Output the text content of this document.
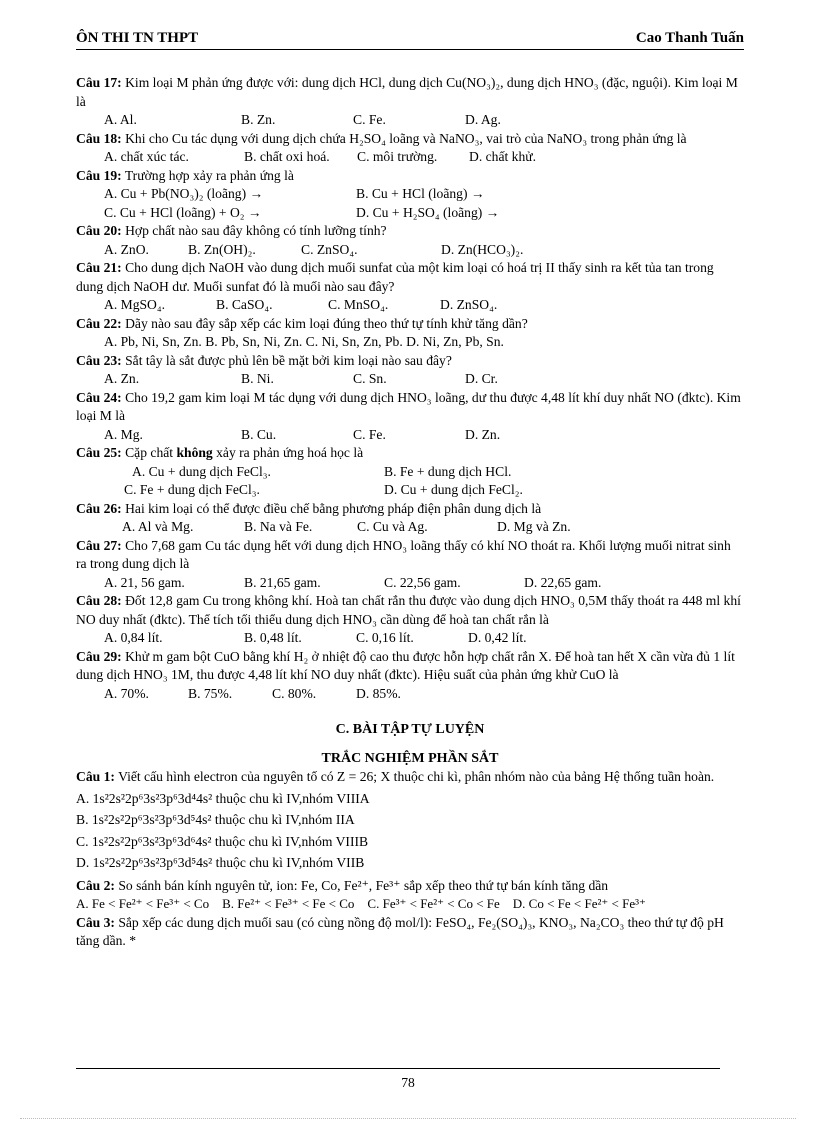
ÔN THI TN THPT	Cao Thanh Tuấn

Câu 17: Kim loại M phản ứng được với: dung dịch HCl, dung dịch Cu(NO₃)₂, dung dịch HNO₃ (đặc, nguội). Kim loại M là

A. Al.	B. Zn.	C. Fe.	D. Ag.

Câu 18: Khi cho Cu tác dụng với dung dịch chứa H₂SO₄ loãng và NaNO₃, vai trò của NaNO₃ trong phản ứng là

A. chất xúc tác.	B. chất oxi hoá.	C. môi trường.	D. chất khử.

Câu 19: Trường hợp xảy ra phản ứng là

A. Cu + Pb(NO₃)₂ (loãng) →	B. Cu + HCl (loãng) →
C. Cu + HCl (loãng) + O₂ →	D. Cu + H₂SO₄ (loãng) →

Câu 20: Hợp chất nào sau đây không có tính lưỡng tính?

A. ZnO.	B. Zn(OH)₂.	C. ZnSO₄.	D. Zn(HCO₃)₂.

Câu 21: Cho dung dịch NaOH vào dung dịch muối sunfat của một kim loại có hoá trị II thấy sinh ra kết tủa tan trong dung dịch NaOH dư. Muối sunfat đó là muối nào sau đây?

A. MgSO₄.	B. CaSO₄.	C. MnSO₄.	D. ZnSO₄.

Câu 22: Dãy nào sau đây sắp xếp các kim loại đúng theo thứ tự tính khử tăng dần?

A. Pb, Ni, Sn, Zn. B. Pb, Sn, Ni, Zn. C. Ni, Sn, Zn, Pb. D. Ni, Zn, Pb, Sn.

Câu 23: Sắt tây là sắt được phủ lên bề mặt bởi kim loại nào sau đây?

A. Zn.	B. Ni.	C. Sn.	D. Cr.

Câu 24: Cho 19,2 gam kim loại M tác dụng với dung dịch HNO₃ loãng, dư thu được 4,48 lít khí duy nhất NO (đktc). Kim loại M là

A. Mg.	B. Cu.	C. Fe.	D. Zn.

Câu 25: Cặp chất không xảy ra phản ứng hoá học là

A. Cu + dung dịch FeCl₃.	B. Fe + dung dịch HCl.
C. Fe + dung dịch FeCl₃.	D. Cu + dung dịch FeCl₂.

Câu 26: Hai kim loại có thể được điều chế bằng phương pháp điện phân dung dịch là

A. Al và Mg.	B. Na và Fe.	C. Cu và Ag.	D. Mg và Zn.

Câu 27: Cho 7,68 gam Cu tác dụng hết với dung dịch HNO₃ loãng thấy có khí NO thoát ra. Khối lượng muối nitrat sinh ra trong dung dịch là

A. 21, 56 gam.	B. 21,65 gam.	C. 22,56 gam.	D. 22,65 gam.

Câu 28: Đốt 12,8 gam Cu trong không khí. Hoà tan chất rắn thu được vào dung dịch HNO₃ 0,5M thấy thoát ra 448 ml khí NO duy nhất (đktc). Thể tích tối thiểu dung dịch HNO₃ cần dùng để hoà tan chất rắn là

A. 0,84 lít.	B. 0,48 lít.	C. 0,16 lít.	D. 0,42 lít.

Câu 29: Khử m gam bột CuO bằng khí H₂ ở nhiệt độ cao thu được hỗn hợp chất rắn X. Để hoà tan hết X cần vừa đủ 1 lít dung dịch HNO₃ 1M, thu được 4,48 lít khí NO duy nhất (đktc). Hiệu suất của phản ứng khử CuO là

A. 70%.	B. 75%.	C. 80%.	D. 85%.
C. BÀI TẬP TỰ LUYỆN
TRẮC NGHIỆM PHẦN SẮT

Câu 1: Viết cấu hình electron của nguyên tố có Z = 26; X thuộc chi kì, phân nhóm nào của bảng Hệ thống tuần hoàn.

A. 1s²2s²2p⁶3s²3p⁶3d⁴4s² thuộc chu kì IV,nhóm VIIIA
B. 1s²2s²2p⁶3s²3p⁶3d⁵4s² thuộc chu kì IV,nhóm IIA
C. 1s²2s²2p⁶3s²3p⁶3d⁶4s² thuộc chu kì IV,nhóm VIIIB
D. 1s²2s²2p⁶3s²3p⁶3d⁵4s² thuộc chu kì IV,nhóm VIIB

Câu 2: So sánh bán kính nguyên tử, ion: Fe, Co, Fe²⁺, Fe³⁺ sắp xếp theo thứ tự bán kính tăng dần

A. Fe < Fe²⁺ < Fe³⁺ < Co    B. Fe²⁺ < Fe³⁺ < Fe < Co    C. Fe³⁺ < Fe²⁺ < Co < Fe    D. Co < Fe < Fe²⁺ < Fe³⁺

Câu 3: Sắp xếp các dung dịch muối sau (có cùng nồng độ mol/l): FeSO₄, Fe₂(SO₄)₃, KNO₃, Na₂CO₃ theo thứ tự độ pH tăng dần. *

78
